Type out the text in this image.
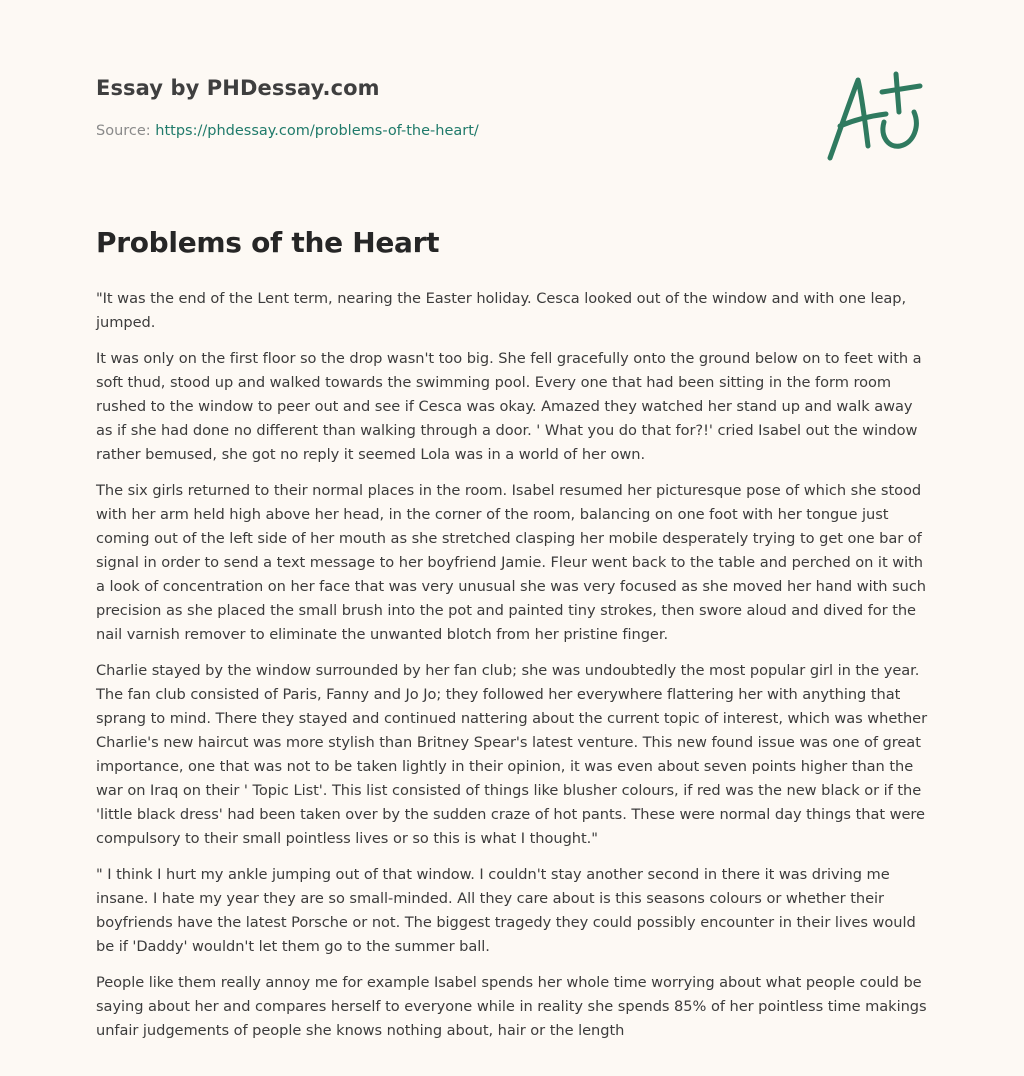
Essay by PHDessay.com

Source: https://phdessay.com/problems-of-the-heart/

Problems of the Heart

"It was the end of the Lent term, nearing the Easter holiday. Cesca looked out of the window and with one leap, jumped.

It was only on the first floor so the drop wasn't too big. She fell gracefully onto the ground below on to feet with a soft thud, stood up and walked towards the swimming pool. Every one that had been sitting in the form room rushed to the window to peer out and see if Cesca was okay. Amazed they watched her stand up and walk away as if she had done no different than walking through a door. ' What you do that for?!' cried Isabel out the window rather bemused, she got no reply it seemed Lola was in a world of her own.

The six girls returned to their normal places in the room. Isabel resumed her picturesque pose of which she stood with her arm held high above her head, in the corner of the room, balancing on one foot with her tongue just coming out of the left side of her mouth as she stretched clasping her mobile desperately trying to get one bar of signal in order to send a text message to her boyfriend Jamie. Fleur went back to the table and perched on it with a look of concentration on her face that was very unusual she was very focused as she moved her hand with such precision as she placed the small brush into the pot and painted tiny strokes, then swore aloud and dived for the nail varnish remover to eliminate the unwanted blotch from her pristine finger.

Charlie stayed by the window surrounded by her fan club; she was undoubtedly the most popular girl in the year. The fan club consisted of Paris, Fanny and Jo Jo; they followed her everywhere flattering her with anything that sprang to mind. There they stayed and continued nattering about the current topic of interest, which was whether Charlie's new haircut was more stylish than Britney Spear's latest venture. This new found issue was one of great importance, one that was not to be taken lightly in their opinion, it was even about seven points higher than the war on Iraq on their ' Topic List'. This list consisted of things like blusher colours, if red was the new black or if the 'little black dress' had been taken over by the sudden craze of hot pants. These were normal day things that were compulsory to their small pointless lives or so this is what I thought."

" I think I hurt my ankle jumping out of that window. I couldn't stay another second in there it was driving me insane. I hate my year they are so small-minded. All they care about is this seasons colours or whether their boyfriends have the latest Porsche or not. The biggest tragedy they could possibly encounter in their lives would be if 'Daddy' wouldn't let them go to the summer ball.

People like them really annoy me for example Isabel spends her whole time worrying about what people could be saying about her and compares herself to everyone while in reality she spends 85% of her pointless time makings unfair judgements of people she knows nothing about, hair or the length
